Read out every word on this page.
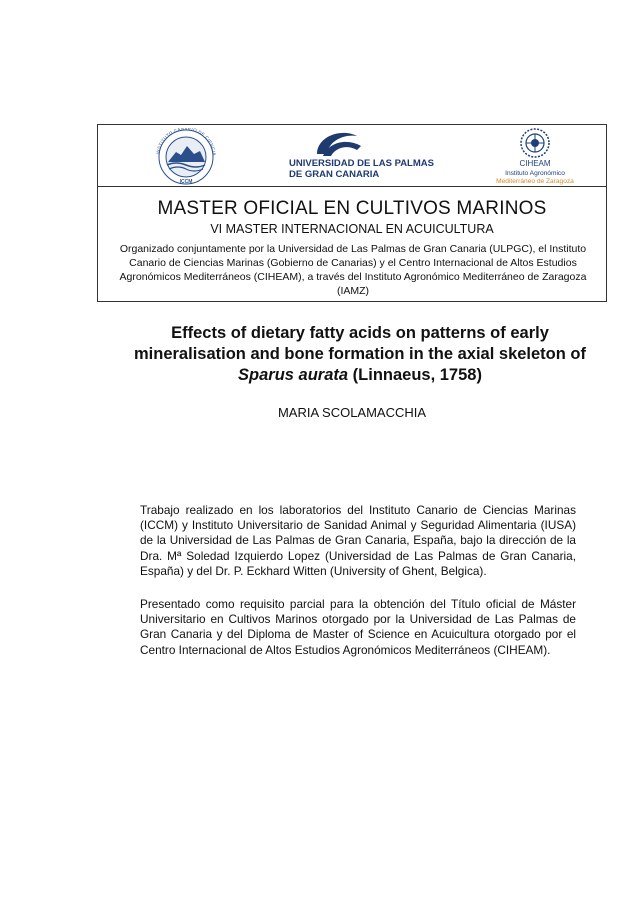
INSTITUTO CANARIO DE CIENCIA
ICCM
UNIVERSIDAD DE LAS PALMAS
DE GRAN CANARIA
CIHEAM
Instituto Agronómico
Mediterráneo de Zaragoza
MASTER OFICIAL EN CULTIVOS MARINOS
VI MASTER INTERNACIONAL EN ACUICULTURA
Organizado conjuntamente por la Universidad de Las Palmas de Gran Canaria (ULPGC), el Instituto Canario de Ciencias Marinas (Gobierno de Canarias) y el Centro Internacional de Altos Estudios Agronómicos Mediterráneos (CIHEAM), a través del Instituto Agronómico Mediterráneo de Zaragoza (IAMZ)
Effects of dietary fatty acids on patterns of early mineralisation and bone formation in the axial skeleton of Sparus aurata (Linnaeus, 1758)
MARIA SCOLAMACCHIA
Trabajo realizado en los laboratorios del Instituto Canario de Ciencias Marinas (ICCM) y Instituto Universitario de Sanidad Animal y Seguridad Alimentaria (IUSA) de la Universidad de Las Palmas de Gran Canaria, España, bajo la dirección de la Dra. Mª Soledad Izquierdo Lopez (Universidad de Las Palmas de Gran Canaria, España) y del Dr. P. Eckhard Witten (University of Ghent, Belgica).
Presentado como requisito parcial para la obtención del Título oficial de Máster Universitario en Cultivos Marinos otorgado por la Universidad de Las Palmas de Gran Canaria y del Diploma de Master of Science en Acuicultura otorgado por el Centro Internacional de Altos Estudios Agronómicos Mediterráneos (CIHEAM).
